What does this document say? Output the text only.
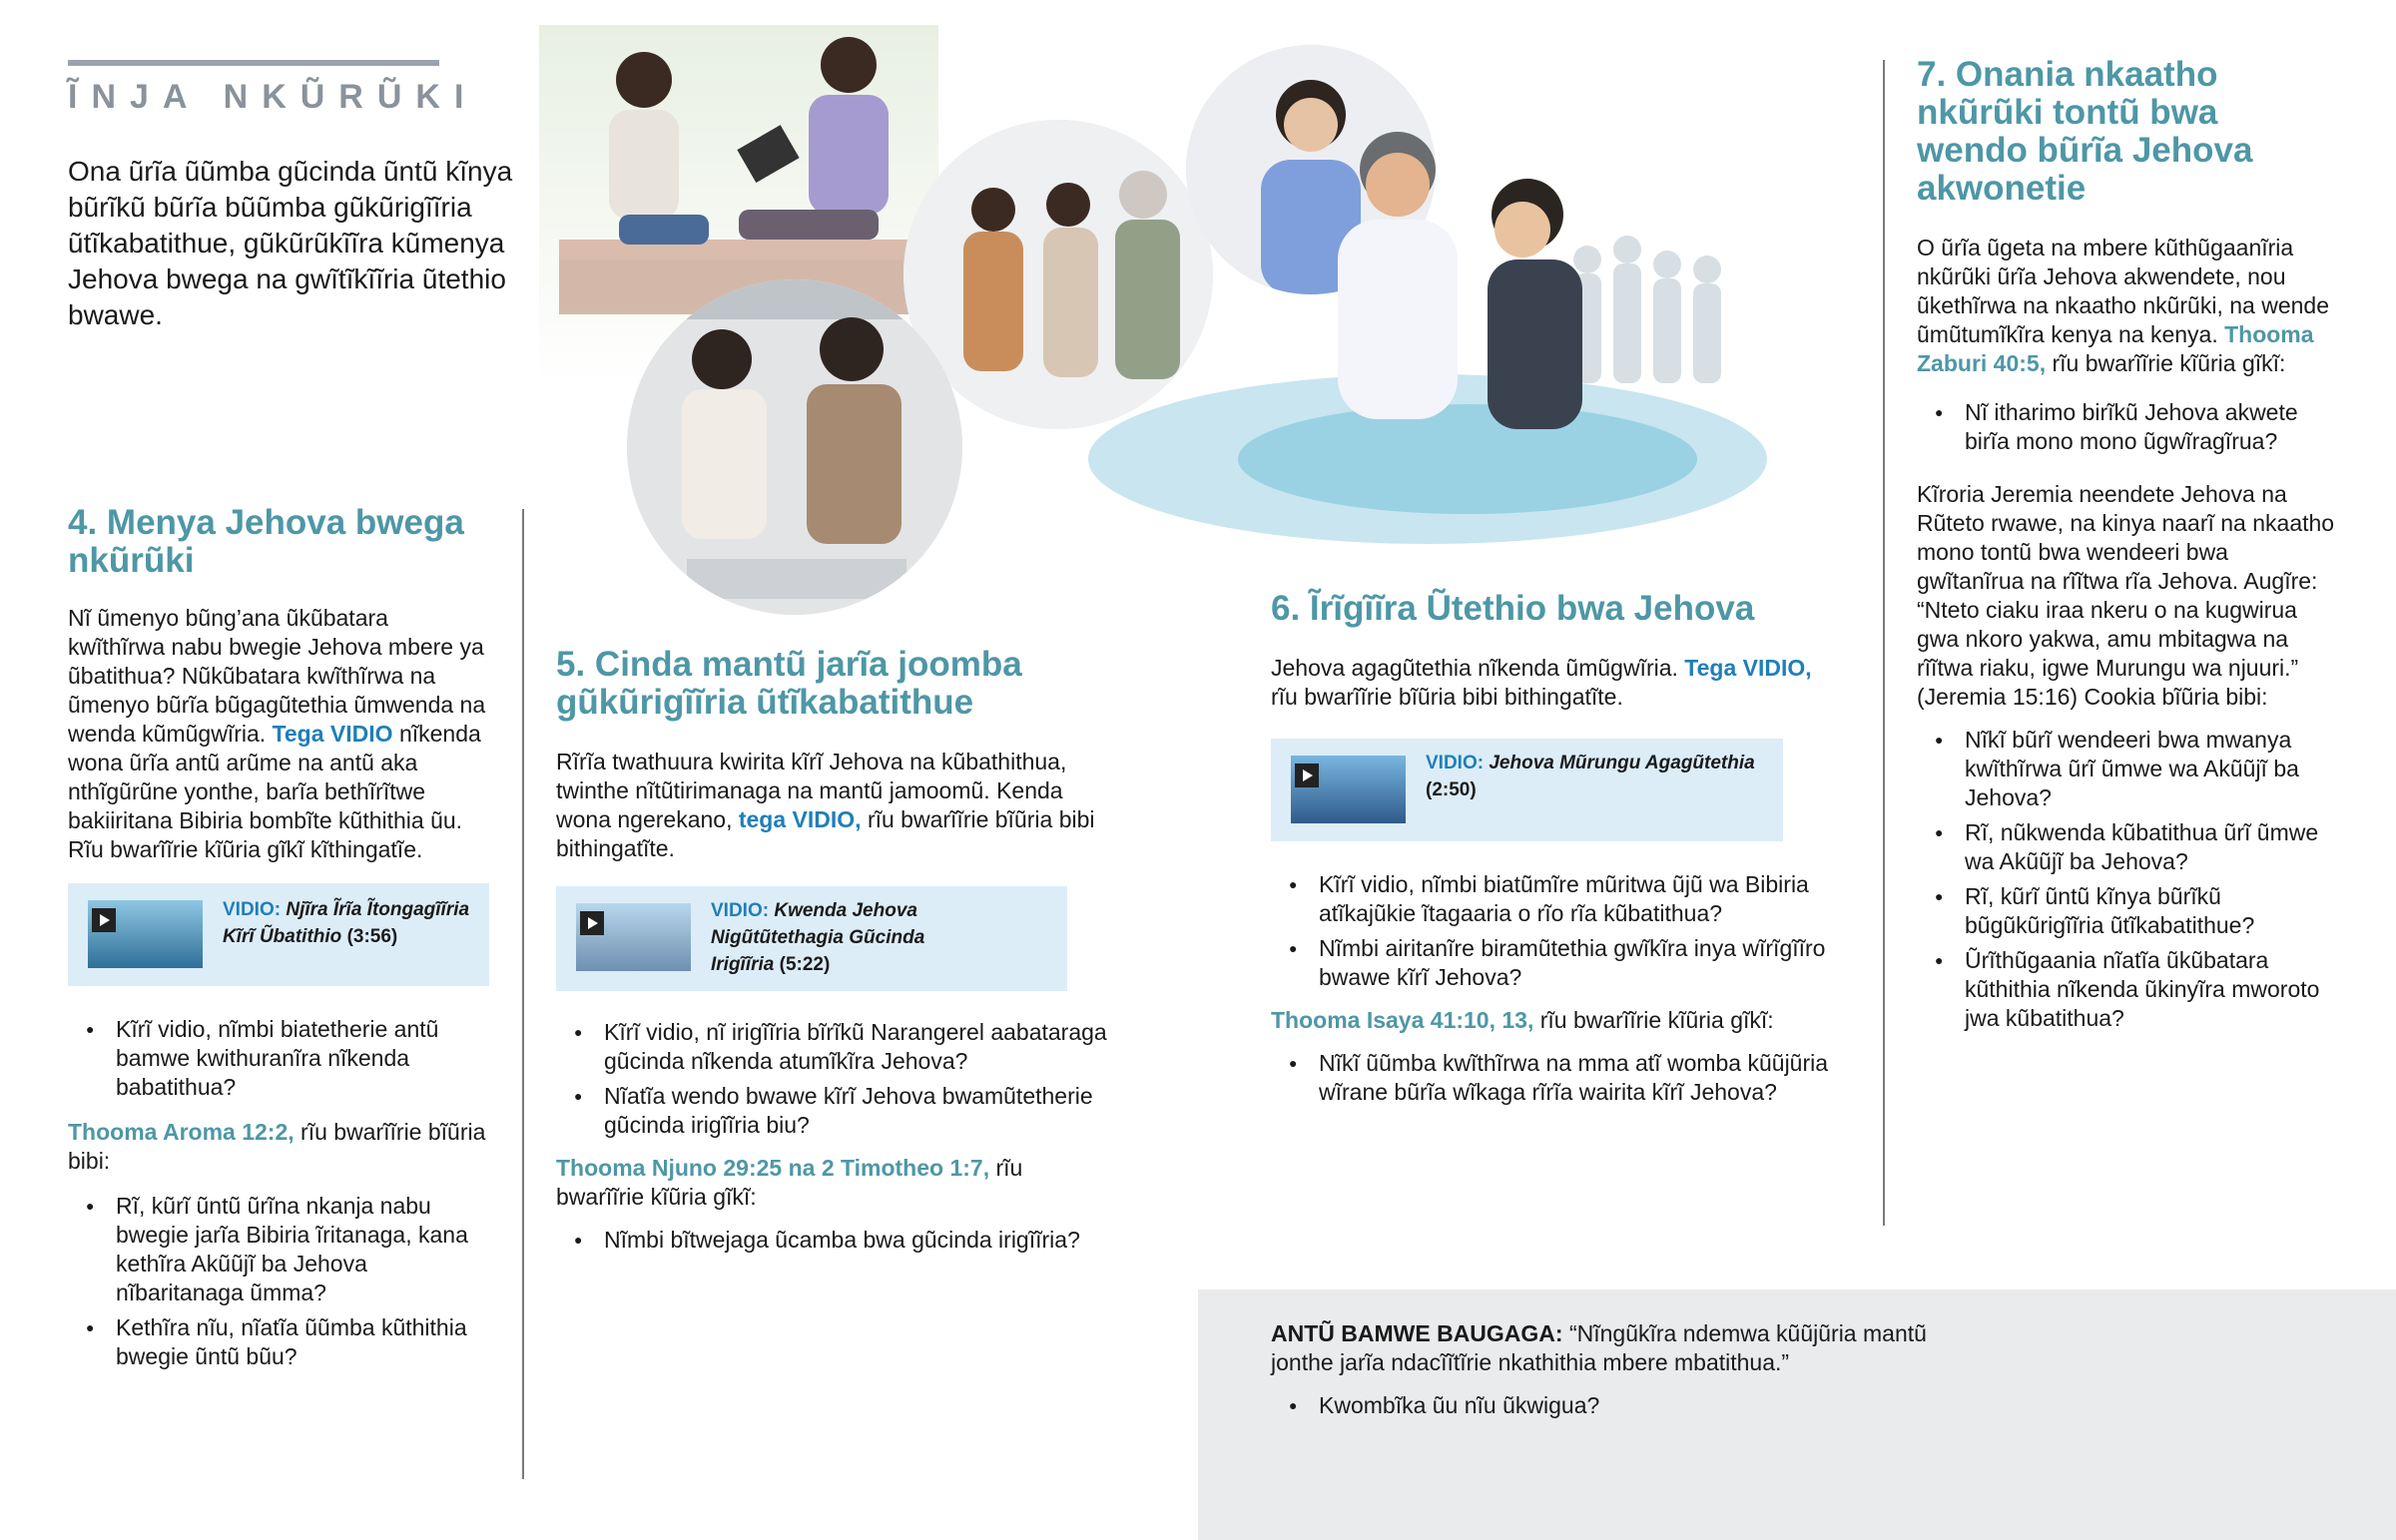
ĨNJA NKŨRŨKI

Ona ũrĩa ũũmba gũcinda ũntũ kĩnya bũrĩkũ bũrĩa bũũmba gũkũrigĩĩria ũtĩkabatithue, gũkũrũkĩĩra kũmenya Jehova bwega na gwĩtĩkĩĩria ũtethio bwawe.

4. Menya Jehova bwega nkũrũki

Nĩ ũmenyo bũng’ana ũkũbatara kwĩthĩrwa nabu bwegie Jehova mbere ya ũbatithua? Nũkũbatara kwĩthĩrwa na ũmenyo bũrĩa bũgagũtethia ũmwenda na wenda kũmũgwĩria. Tega VIDIO nĩkenda wona ũrĩa antũ arũme na antũ aka nthĩgũrũne yonthe, barĩa bethĩrĩtwe bakiiritana Bibiria bombĩte kũthithia ũu. Rĩu bwarĩĩrie kĩũria gĩkĩ kĩthingatĩe.

VIDIO: Njĩra Ĩrĩa Ĩtongagĩĩria Kĩrĩ Ũbatithio (3:56)
● Kĩrĩ vidio, nĩmbi biatetherie antũ bamwe kwithuranĩra nĩkenda babatithua?

Thooma Aroma 12:2, rĩu bwarĩĩrie bĩũria bibi:

● Rĩ, kũrĩ ũntũ ũrĩna nkanja nabu bwegie jarĩa Bibiria ĩritanaga, kana kethĩra Akũũjĩ ba Jehova nĩbaritanaga ũmma?
● Kethĩra nĩu, nĩatĩa ũũmba kũthithia bwegie ũntũ bũu?
5. Cinda mantũ jarĩa joomba gũkũrigĩĩria ũtĩkabatithue

Rĩrĩa twathuura kwirita kĩrĩ Jehova na kũbathithua, twinthe nĩtũtirimanaga na mantũ jamoomũ. Kenda wona ngerekano, tega VIDIO, rĩu bwarĩĩrie bĩũria bibi bithingatĩte.

VIDIO: Kwenda Jehova Nigũtũtethagia Gũcinda Irigĩĩria (5:22)
● Kĩrĩ vidio, nĩ irigĩĩria bĩrĩkũ Narangerel aabataraga gũcinda nĩkenda atumĩkĩra Jehova?
● Nĩatĩa wendo bwawe kĩrĩ Jehova bwamũtetherie gũcinda irigĩĩria biu?

Thooma Njuno 29:25 na 2 Timotheo 1:7, rĩu bwarĩĩrie kĩũria gĩkĩ:

● Nĩmbi bĩtwejaga ũcamba bwa gũcinda irigĩĩria?
6. Ĩrĩgĩĩra Ũtethio bwa Jehova

Jehova agagũtethia nĩkenda ũmũgwĩria. Tega VIDIO, rĩu bwarĩĩrie bĩũria bibi bithingatĩte.

VIDIO: Jehova Mũrungu Agagũtethia (2:50)
● Kĩrĩ vidio, nĩmbi biatũmĩre mũritwa ũjũ wa Bibiria atĩkajũkie ĩtagaaria o rĩo rĩa kũbatithua?
● Nĩmbi airitanĩre biramũtethia gwĩkĩra inya wĩrĩgĩĩro bwawe kĩrĩ Jehova?

Thooma Isaya 41:10, 13, rĩu bwarĩĩrie kĩũria gĩkĩ:

● Nĩkĩ ũũmba kwĩthĩrwa na mma atĩ womba kũũjũria wĩrane bũrĩa wĩkaga rĩrĩa wairita kĩrĩ Jehova?

ANTŨ BAMWE BAUGAGA: “Nĩngũkĩra ndemwa kũũjũria mantũ jonthe jarĩa ndacĩĩtĩrie nkathithia mbere mbatithua.”

● Kwombĩka ũu nĩu ũkwigua?
7. Onania nkaatho nkũrũki tontũ bwa wendo bũrĩa Jehova akwonetie

O ũrĩa ũgeta na mbere kũthũgaanĩria nkũrũki ũrĩa Jehova akwendete, nou ũkethĩrwa na nkaatho nkũrũki, na wende ũmũtumĩkĩra kenya na kenya. Thooma Zaburi 40:5, rĩu bwarĩĩrie kĩũria gĩkĩ:

● Nĩ itharimo birĩkũ Jehova akwete birĩa mono mono ũgwĩragĩrua?

Kĩroria Jeremia neendete Jehova na Rũteto rwawe, na kinya naarĩ na nkaatho mono tontũ bwa wendeeri bwa gwĩtanĩrua na rĩĩtwa rĩa Jehova. Augĩre: “Nteto ciaku iraa nkeru o na kugwirua gwa nkoro yakwa, amu mbitagwa na rĩĩtwa riaku, igwe Murungu wa njuuri.” (Jeremia 15:16) Cookia bĩũria bibi:

● Nĩkĩ bũrĩ wendeeri bwa mwanya kwĩthĩrwa ũrĩ ũmwe wa Akũũjĩ ba Jehova?
● Rĩ, nũkwenda kũbatithua ũrĩ ũmwe wa Akũũjĩ ba Jehova?
● Rĩ, kũrĩ ũntũ kĩnya bũrĩkũ bũgũkũrigĩĩria ũtĩkabatithue?
● Ũrĩthũgaania nĩatĩa ũkũbatara kũthithia nĩkenda ũkinyĩra mworoto jwa kũbatithua?
